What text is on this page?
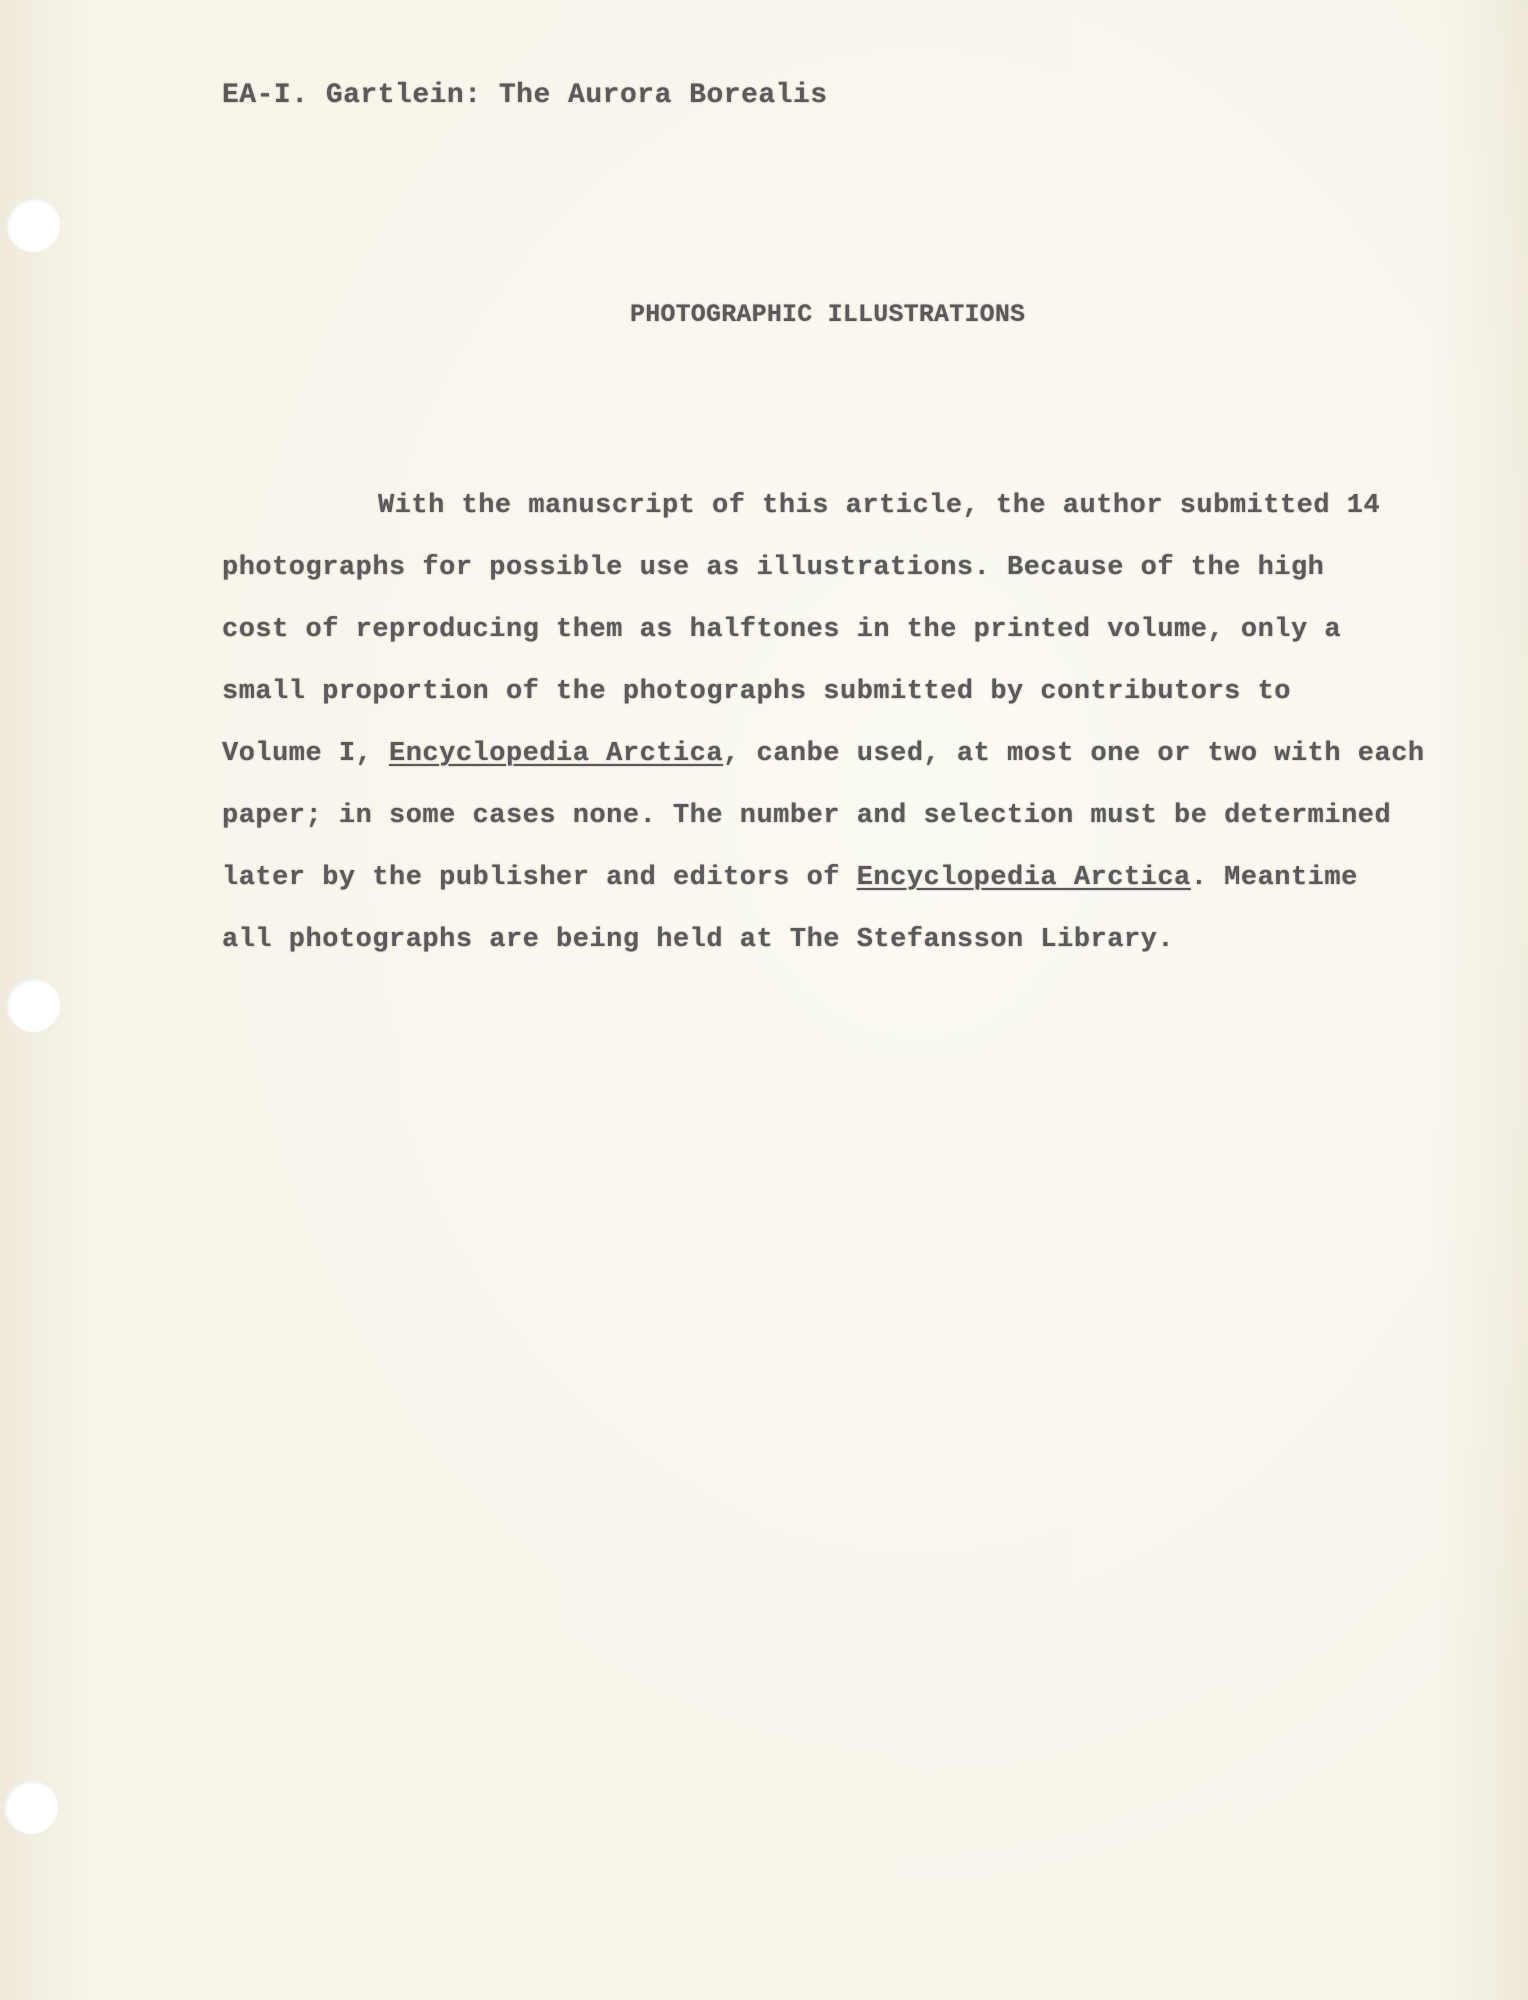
EA-I. Gartlein: The Aurora Borealis
PHOTOGRAPHIC ILLUSTRATIONS
With the manuscript of this article, the author submitted 14
photographs for possible use as illustrations. Because of the high
cost of reproducing them as halftones in the printed volume, only a
small proportion of the photographs submitted by contributors to
Volume I, Encyclopedia Arctica, canbe used, at most one or two with each
paper; in some cases none. The number and selection must be determined
later by the publisher and editors of Encyclopedia Arctica. Meantime
all photographs are being held at The Stefansson Library.
